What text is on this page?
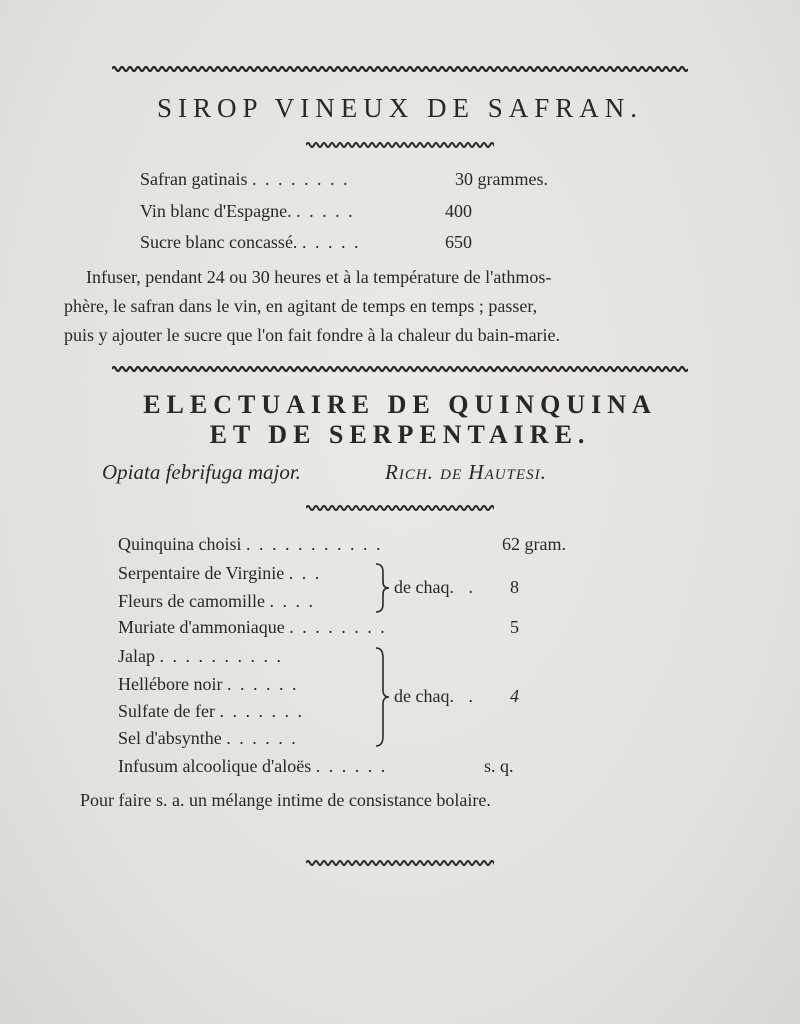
SIROP VINEUX DE SAFRAN.
Safran gatinais . . . . . . . .	30 grammes.
Vin blanc d'Espagne. . . . . .	400
Sucre blanc concassé. . . . . .	650
Infuser, pendant 24 ou 30 heures et à la température de l'athmos-
phère, le safran dans le vin, en agitant de temps en temps ; passer,
puis y ajouter le sucre que l'on fait fondre à la chaleur du bain-marie.
ELECTUAIRE DE QUINQUINA
ET DE SERPENTAIRE.
Opiata febrifuga major.	Rich. de Hautesi.
Quinquina choisi . . . . . . . . . . .	62 gram.
Serpentaire de Virginie . . .
Fleurs de camomille . . . .
de chaq. . 8
Muriate d'ammoniaque . . . . . . . .	5
Jalap . . . . . . . . . .
Hellébore noir . . . . . .
Sulfate de fer . . . . . . .
Sel d'absynthe . . . . . .
de chaq. . 4
Infusum alcoolique d'aloës . . . . . .	s. q.
Pour faire s. a. un mélange intime de consistance bolaire.
